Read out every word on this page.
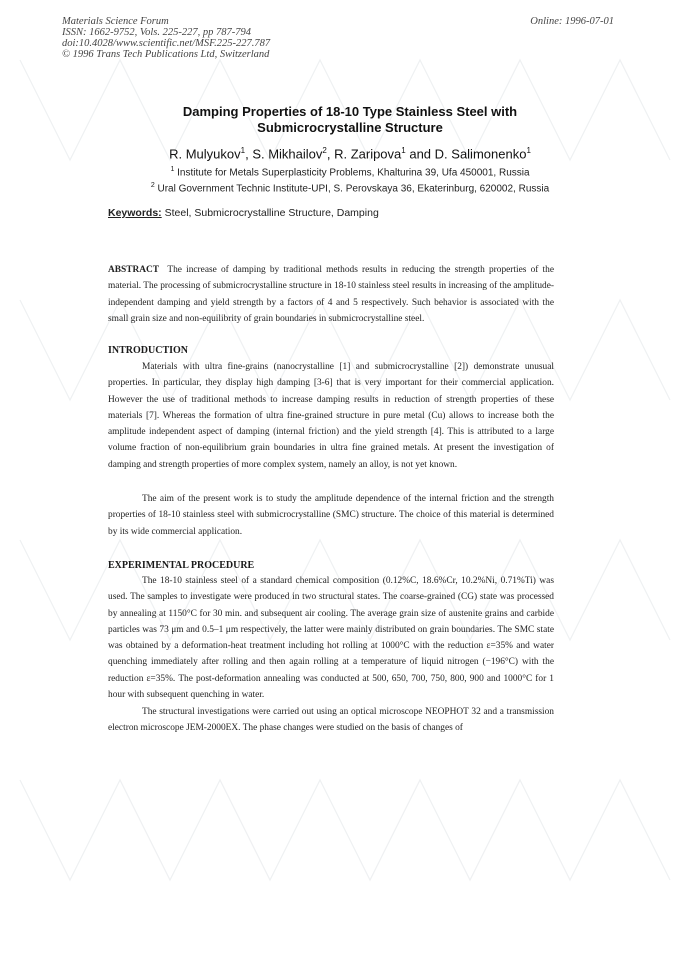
Materials Science Forum
ISSN: 1662-9752, Vols. 225-227, pp 787-794
doi:10.4028/www.scientific.net/MSF.225-227.787
© 1996 Trans Tech Publications Ltd, Switzerland
Online: 1996-07-01
Damping Properties of 18-10 Type Stainless Steel with
Submicrocrystalline Structure
R. Mulyukov$^1$, S. Mikhailov$^2$, R. Zaripova$^1$ and D. Salimonenko$^1$
$^1$ Institute for Metals Superplasticity Problems, Khalturina 39, Ufa 450001, Russia
$^2$ Ural Government Technic Institute-UPI, S. Perovskaya 36, Ekaterinburg, 620002, Russia
Keywords: Steel, Submicrocrystalline Structure, Damping

ABSTRACT The increase of damping by traditional methods results in reducing the strength properties of the material. The processing of submicrocrystalline structure in 18-10 stainless steel results in increasing of the amplitude-independent damping and yield strength by a factors of 4 and 5 respectively. Such behavior is associated with the small grain size and non-equilibrity of grain boundaries in submicrocrystalline steel.

INTRODUCTION

Materials with ultra fine-grains (nanocrystalline [1] and submicrocrystalline [2]) demonstrate unusual properties. In particular, they display high damping [3-6] that is very important for their commercial application. However the use of traditional methods to increase damping results in reduction of strength properties of these materials [7]. Whereas the formation of ultra fine-grained structure in pure metal (Cu) allows to increase both the amplitude independent aspect of damping (internal friction) and the yield strength [4]. This is attributed to a large volume fraction of non-equilibrium grain boundaries in ultra fine grained metals. At present the investigation of damping and strength properties of more complex system, namely an alloy, is not yet known.

The aim of the present work is to study the amplitude dependence of the internal friction and the strength properties of 18-10 stainless steel with submicrocrystalline (SMC) structure. The choice of this material is determined by its wide commercial application.

EXPERIMENTAL PROCEDURE

The 18-10 stainless steel of a standard chemical composition (0.12%C, 18.6%Cr, 10.2%Ni, 0.71%Ti) was used. The samples to investigate were produced in two structural states. The coarse-grained (CG) state was processed by annealing at 1150°C for 30 min. and subsequent air cooling. The average grain size of austenite grains and carbide particles was 73 μm and 0.5–1 μm respectively, the latter were mainly distributed on grain boundaries. The SMC state was obtained by a deformation-heat treatment including hot rolling at 1000°C with the reduction ε=35% and water quenching immediately after rolling and then again rolling at a temperature of liquid nitrogen (−196°C) with the reduction ε=35%. The post-deformation annealing was conducted at 500, 650, 700, 750, 800, 900 and 1000°C for 1 hour with subsequent quenching in water.

The structural investigations were carried out using an optical microscope NEOPHOT 32 and a transmission electron microscope JEM-2000EX. The phase changes were studied on the basis of changes of
